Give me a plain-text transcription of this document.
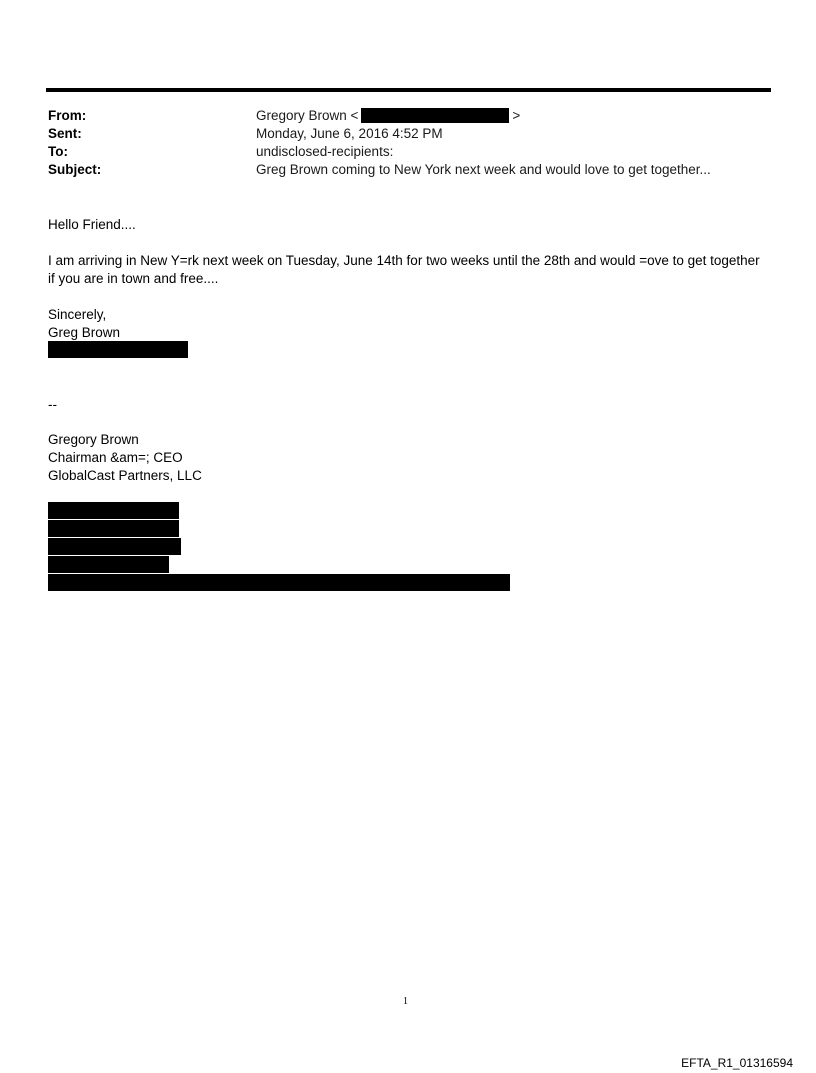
From:	Gregory Brown <	>
Sent:	Monday, June 6, 2016 4:52 PM
To:	undisclosed-recipients:
Subject:	Greg Brown coming to New York next week and would love to get together...
Hello Friend....
I am arriving in New Y=rk next week on Tuesday, June 14th for two weeks until the 28th and would =ove to get together
if you are in town and free....
Sincerely,
Greg Brown
--
Gregory Brown
Chairman &am=; CEO
GlobalCast Partners, LLC
1
EFTA_R1_01316594
